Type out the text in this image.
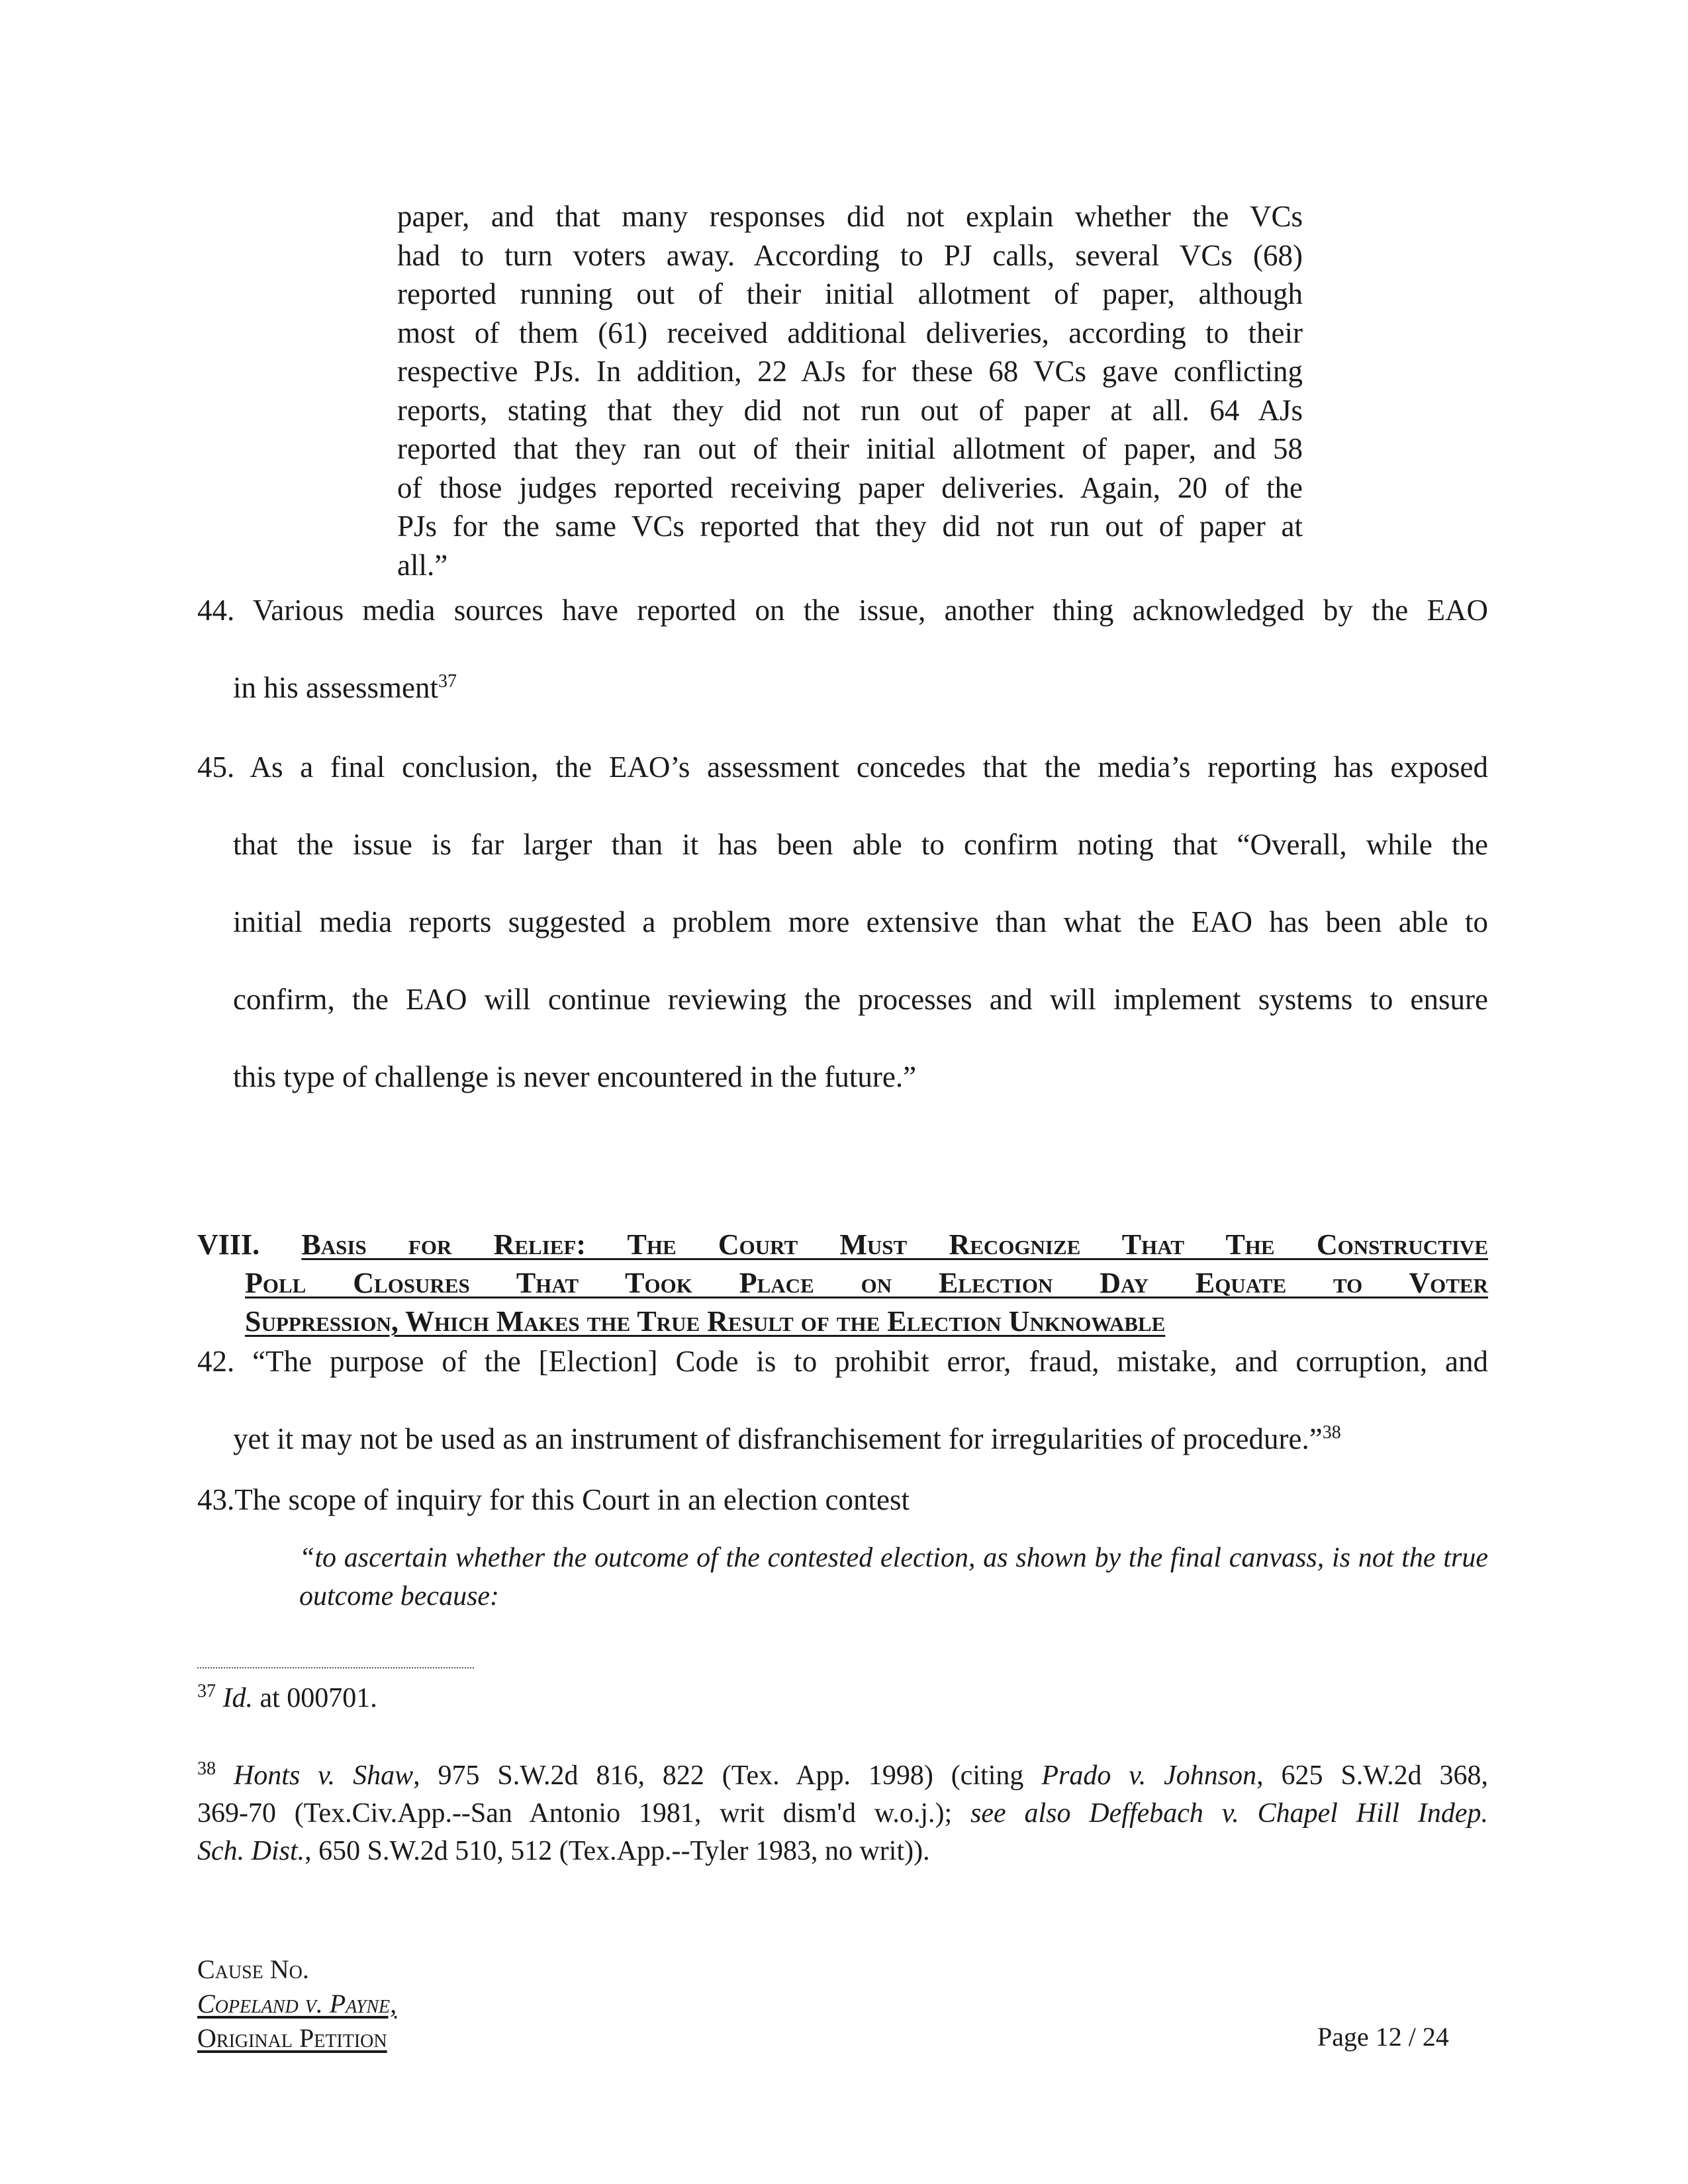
paper, and that many responses did not explain whether the VCs
had to turn voters away. According to PJ calls, several VCs (68)
reported running out of their initial allotment of paper, although
most of them (61) received additional deliveries, according to their
respective PJs. In addition, 22 AJs for these 68 VCs gave conflicting
reports, stating that they did not run out of paper at all. 64 AJs
reported that they ran out of their initial allotment of paper, and 58
of those judges reported receiving paper deliveries. Again, 20 of the
PJs for the same VCs reported that they did not run out of paper at
all.”
44. Various media sources have reported on the issue, another thing acknowledged by the EAO
in his assessment$^{37}$
45. As a final conclusion, the EAO’s assessment concedes that the media’s reporting has exposed
that the issue is far larger than it has been able to confirm noting that “Overall, while the
initial media reports suggested a problem more extensive than what the EAO has been able to
confirm, the EAO will continue reviewing the processes and will implement systems to ensure
this type of challenge is never encountered in the future.”
VIII. Basis for Relief: The Court Must Recognize That The Constructive
Poll Closures That Took Place on Election Day Equate to Voter
Suppression, Which Makes the True Result of the Election Unknowable
42. “The purpose of the [Election] Code is to prohibit error, fraud, mistake, and corruption, and
yet it may not be used as an instrument of disfranchisement for irregularities of procedure.”$^{38}$
43.The scope of inquiry for this Court in an election contest
“to ascertain whether the outcome of the contested election, as shown by the final canvass, is not the true
outcome because:
$^{37}$ Id. at 000701.
$^{38}$ Honts v. Shaw, 975 S.W.2d 816, 822 (Tex. App. 1998) (citing Prado v. Johnson, 625 S.W.2d 368,
369-70 (Tex.Civ.App.--San Antonio 1981, writ dism'd w.o.j.); see also Deffebach v. Chapel Hill Indep.
Sch. Dist., 650 S.W.2d 510, 512 (Tex.App.--Tyler 1983, no writ)).
Cause No.
Copeland v. Payne,
Original Petition	Page 12 / 24
